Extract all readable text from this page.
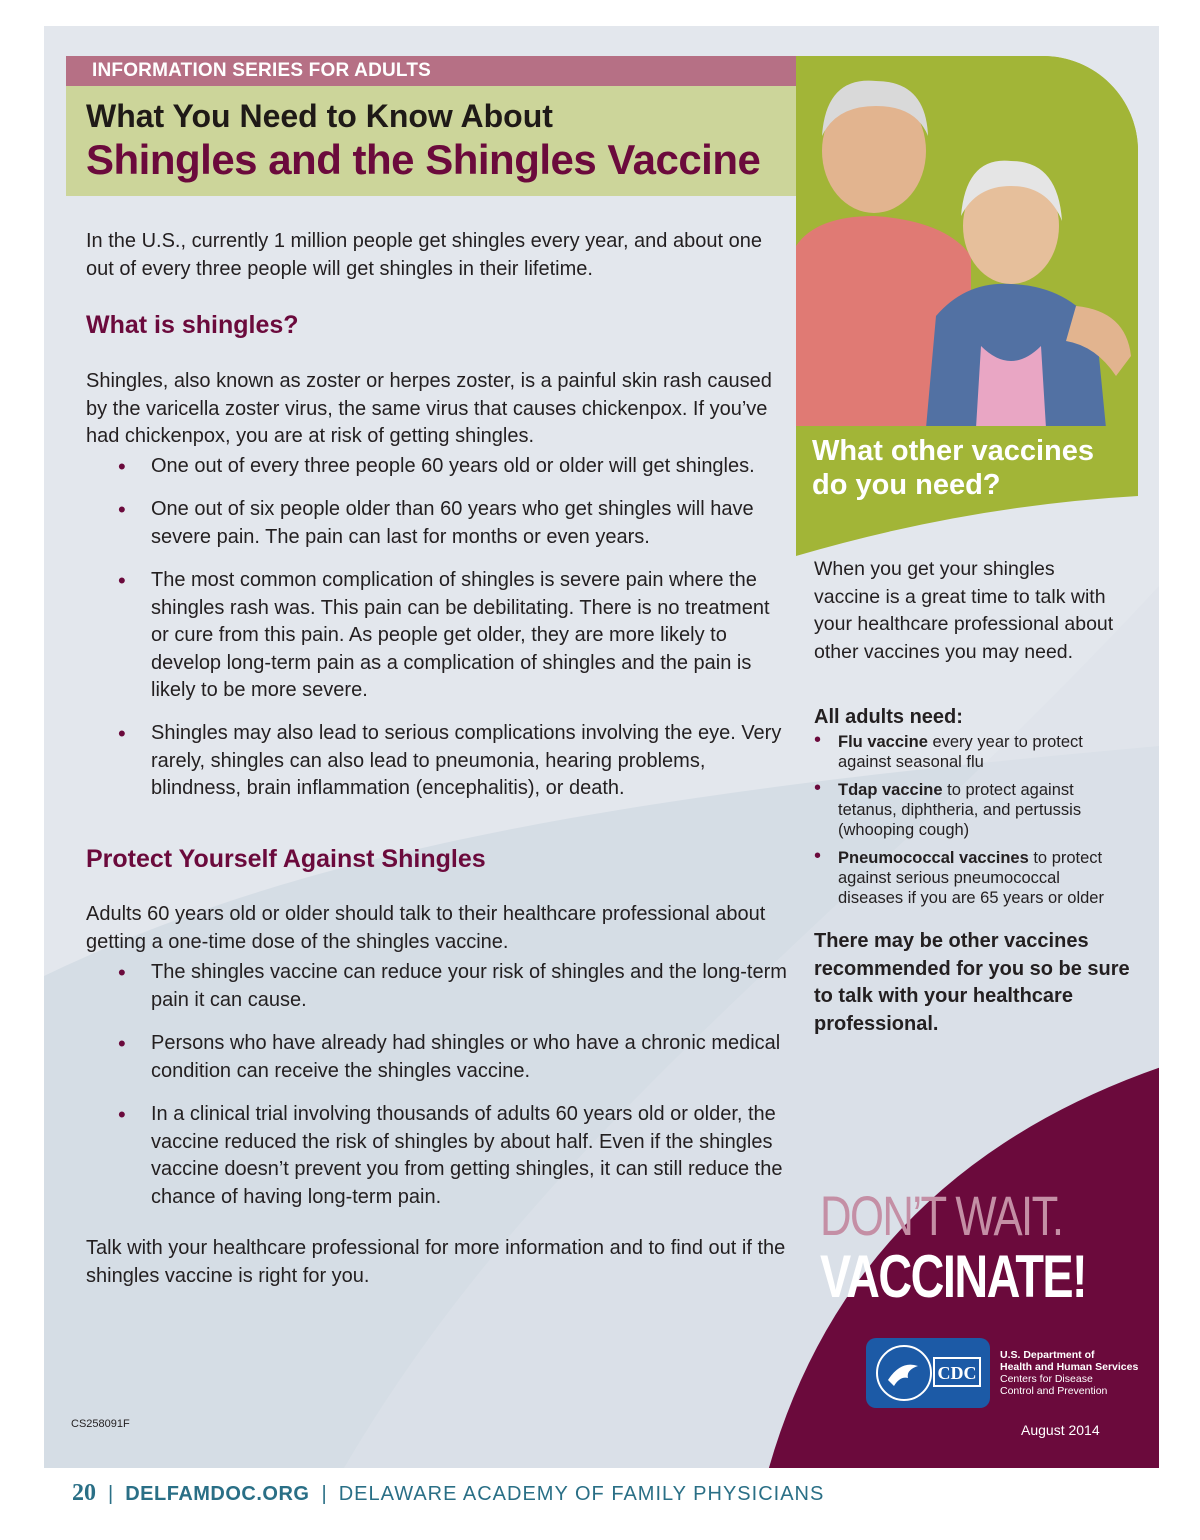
INFORMATION SERIES FOR ADULTS
What You Need to Know About
Shingles and the Shingles Vaccine
What other vaccines
do you need?

In the U.S., currently 1 million people get shingles every year, and about one out of every three people will get shingles in their lifetime.

What is shingles?

Shingles, also known as zoster or herpes zoster, is a painful skin rash caused by the varicella zoster virus, the same virus that causes chickenpox. If you’ve had chickenpox, you are at risk of getting shingles.

• One out of every three people 60 years old or older will get shingles.

• One out of six people older than 60 years who get shingles will have severe pain. The pain can last for months or even years.

• The most common complication of shingles is severe pain where the shingles rash was. This pain can be debilitating. There is no treatment or cure from this pain. As people get older, they are more likely to develop long-term pain as a complication of shingles and the pain is likely to be more severe.

• Shingles may also lead to serious complications involving the eye. Very rarely, shingles can also lead to pneumonia, hearing problems, blindness, brain inflammation (encephalitis), or death.

Protect Yourself Against Shingles

Adults 60 years old or older should talk to their healthcare professional about getting a one-time dose of the shingles vaccine.

• The shingles vaccine can reduce your risk of shingles and the long-term pain it can cause.

• Persons who have already had shingles or who have a chronic medical condition can receive the shingles vaccine.

• In a clinical trial involving thousands of adults 60 years old or older, the vaccine reduced the risk of shingles by about half. Even if the shingles vaccine doesn’t prevent you from getting shingles, it can still reduce the chance of having long-term pain.

Talk with your healthcare professional for more information and to find out if the shingles vaccine is right for you.

When you get your shingles vaccine is a great time to talk with your healthcare professional about other vaccines you may need.
All adults need:
• Flu vaccine every year to protect against seasonal flu
• Tdap vaccine to protect against tetanus, diphtheria, and pertussis (whooping cough)
• Pneumococcal vaccines to protect against serious pneumococcal diseases if you are 65 years or older
There may be other vaccines recommended for you so be sure to talk with your healthcare professional.
DON’T WAIT.
VACCINATE!
CDC
U.S. Department of
Health and Human Services
Centers for Disease
Control and Prevention
August 2014
CS258091F
20 | DELFAMDOC.ORG | DELAWARE ACADEMY OF FAMILY PHYSICIANS
